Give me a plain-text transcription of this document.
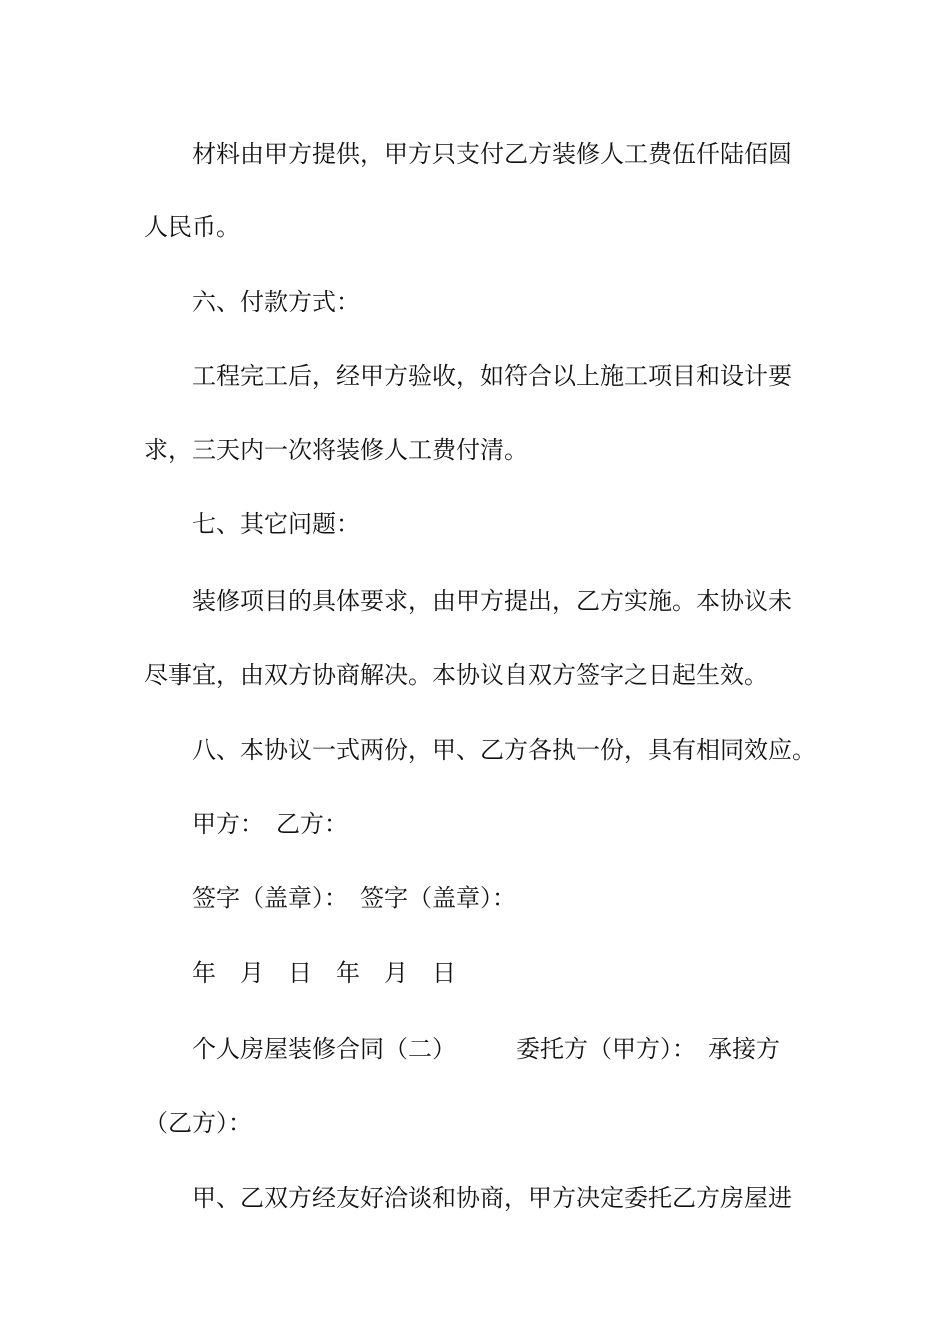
材料由甲方提供，甲方只支付乙方装修人工费伍仟陆佰圆
人民币。
六、付款方式：
工程完工后，经甲方验收，如符合以上施工项目和设计要
求，三天内一次将装修人工费付清。
七、其它问题：
装修项目的具体要求，由甲方提出，乙方实施。本协议未
尽事宜，由双方协商解决。本协议自双方签字之日起生效。
八、本协议一式两份，甲、乙方各执一份，具有相同效应。
甲方：　乙方：
签字（盖章）：　签字（盖章）：
年　月　日　年　月　日
个人房屋装修合同（二）　　　委托方（甲方）：　承接方
（乙方）：
甲、乙双方经友好洽谈和协商，甲方决定委托乙方房屋进
